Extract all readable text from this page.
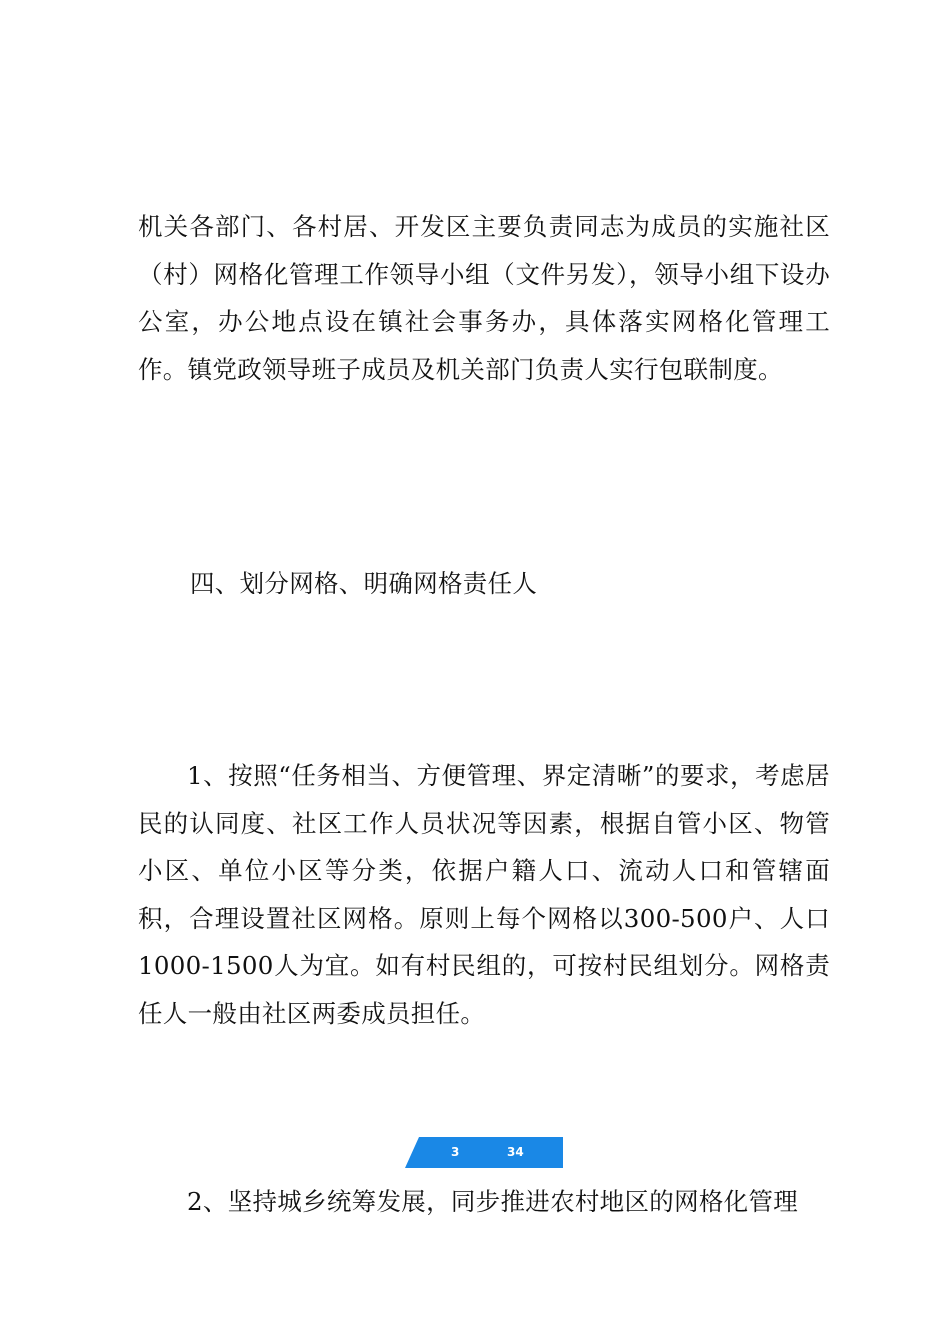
机关各部门、各村居、开发区主要负责同志为成员的实施社区（村）网格化管理工作领导小组（文件另发），领导小组下设办公室，办公地点设在镇社会事务办，具体落实网格化管理工作。镇党政领导班子成员及机关部门负责人实行包联制度。

四、划分网格、明确网格责任人

1、按照“任务相当、方便管理、界定清晰”的要求，考虑居民的认同度、社区工作人员状况等因素，根据自管小区、物管小区、单位小区等分类，依据户籍人口、流动人口和管辖面积，合理设置社区网格。原则上每个网格以300-500户、人口1000-1500人为宜。如有村民组的，可按村民组划分。网格责任人一般由社区两委成员担任。

3	34

2、坚持城乡统筹发展，同步推进农村地区的网格化管理
